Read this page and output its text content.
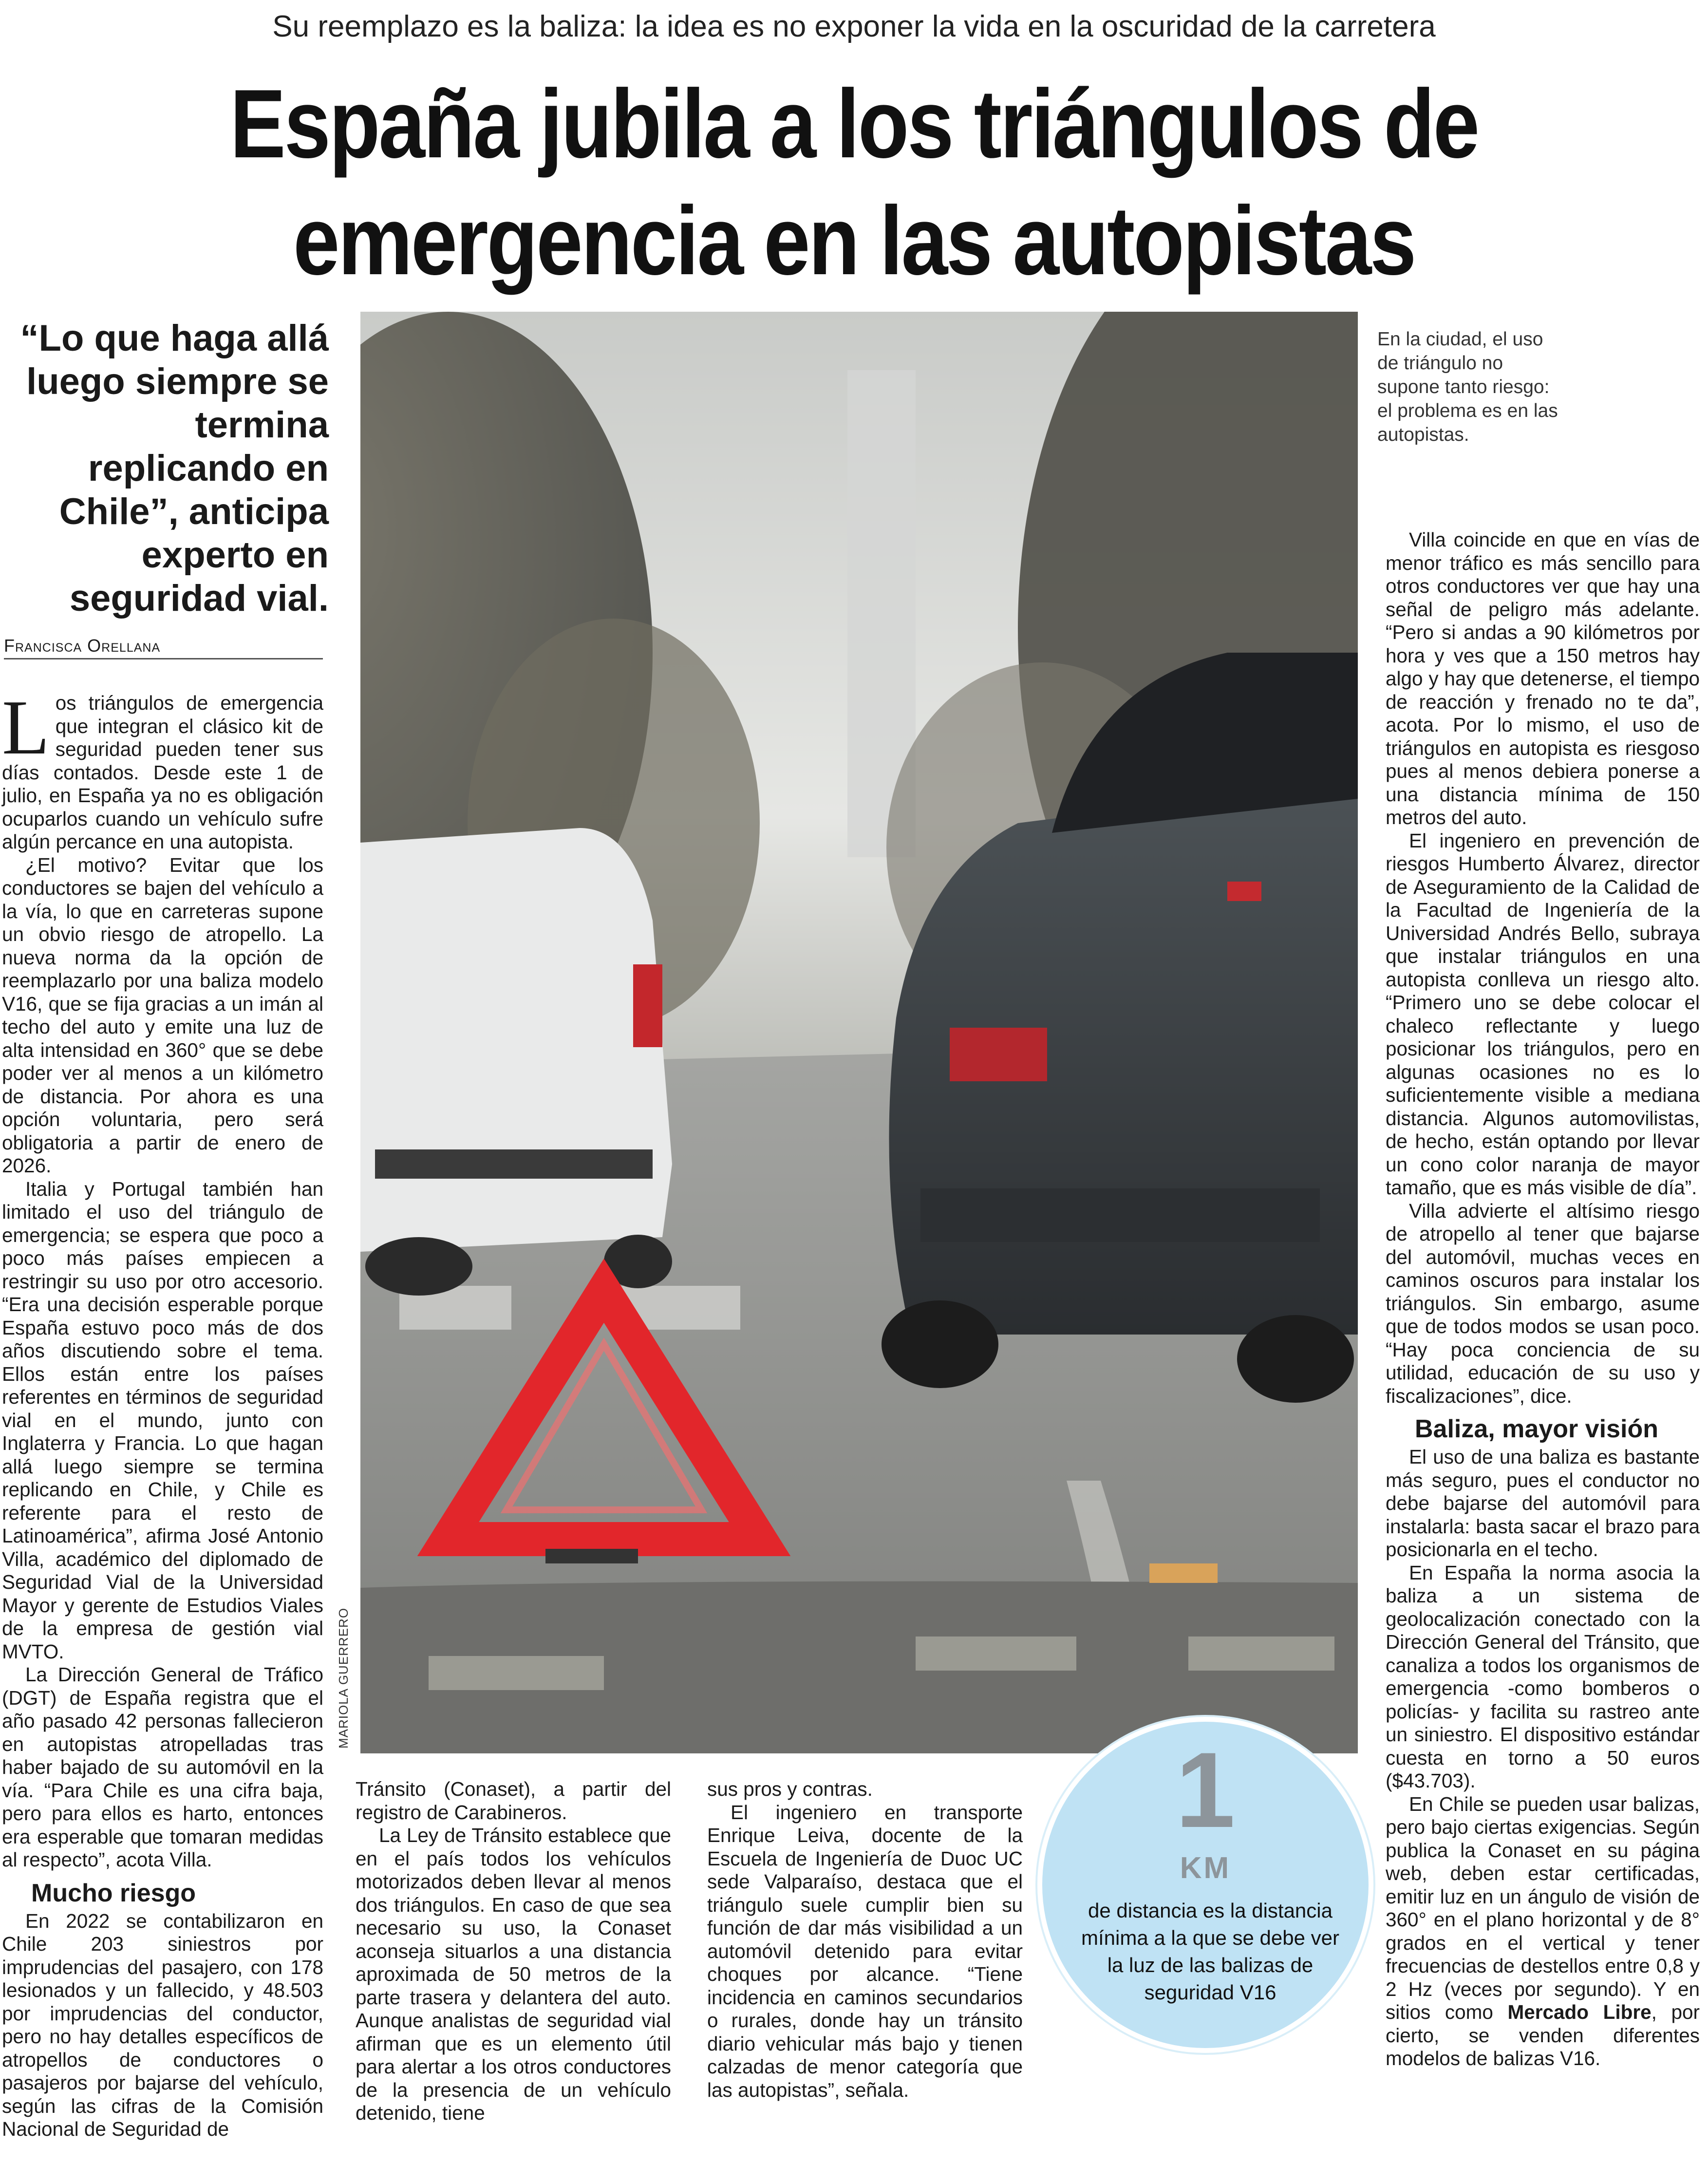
Su reemplazo es la baliza: la idea es no exponer la vida en la oscuridad de la carretera
España jubila a los triángulos de
emergencia en las autopistas
“Lo que haga allá luego siempre se termina replicando en Chile”, anticipa experto en seguridad vial.
Francisca Orellana

Los triángulos de emergencia que integran el clásico kit de seguridad pueden tener sus días contados. Desde este 1 de julio, en España ya no es obligación ocuparlos cuando un vehículo sufre algún percance en una autopista.

¿El motivo? Evitar que los conductores se bajen del vehículo a la vía, lo que en carreteras supone un obvio riesgo de atropello. La nueva norma da la opción de reemplazarlo por una baliza modelo V16, que se fija gracias a un imán al techo del auto y emite una luz de alta intensidad en 360° que se debe poder ver al menos a un kilómetro de distancia. Por ahora es una opción voluntaria, pero será obligatoria a partir de enero de 2026.

Italia y Portugal también han limitado el uso del triángulo de emergencia; se espera que poco a poco más países empiecen a restringir su uso por otro accesorio. “Era una decisión esperable porque España estuvo poco más de dos años discutiendo sobre el tema. Ellos están entre los países referentes en términos de seguridad vial en el mundo, junto con Inglaterra y Francia. Lo que hagan allá luego siempre se termina replicando en Chile, y Chile es referente para el resto de Latinoamérica”, afirma José Antonio Villa, académico del diplomado de Seguridad Vial de la Universidad Mayor y gerente de Estudios Viales de la empresa de gestión vial MVTO.

La Dirección General de Tráfico (DGT) de España registra que el año pasado 42 personas fallecieron en autopistas atropelladas tras haber bajado de su automóvil en la vía. “Para Chile es una cifra baja, pero para ellos es harto, entonces era esperable que tomaran medidas al respecto”, acota Villa.

Mucho riesgo

En 2022 se contabilizaron en Chile 203 siniestros por imprudencias del pasajero, con 178 lesionados y un fallecido, y 48.503 por imprudencias del conductor, pero no hay detalles específicos de atropellos de conductores o pasajeros por bajarse del vehículo, según las cifras de la Comisión Nacional de Seguridad de

MARIOLA GUERRERO
En la ciudad, el uso de triángulo no supone tanto riesgo: el problema es en las autopistas.

Villa coincide en que en vías de menor tráfico es más sencillo para otros conductores ver que hay una señal de peligro más adelante. “Pero si andas a 90 kilómetros por hora y ves que a 150 metros hay algo y hay que detenerse, el tiempo de reacción y frenado no te da”, acota. Por lo mismo, el uso de triángulos en autopista es riesgoso pues al menos debiera ponerse a una distancia mínima de 150 metros del auto.

El ingeniero en prevención de riesgos Humberto Álvarez, director de Aseguramiento de la Calidad de la Facultad de Ingeniería de la Universidad Andrés Bello, subraya que instalar triángulos en una autopista conlleva un riesgo alto. “Primero uno se debe colocar el chaleco reflectante y luego posicionar los triángulos, pero en algunas ocasiones no es lo suficientemente visible a mediana distancia. Algunos automovilistas, de hecho, están optando por llevar un cono color naranja de mayor tamaño, que es más visible de día”.

Villa advierte el altísimo riesgo de atropello al tener que bajarse del automóvil, muchas veces en caminos oscuros para instalar los triángulos. Sin embargo, asume que de todos modos se usan poco. “Hay poca conciencia de su utilidad, educación de su uso y fiscalizaciones”, dice.

Baliza, mayor visión

El uso de una baliza es bastante más seguro, pues el conductor no debe bajarse del automóvil para instalarla: basta sacar el brazo para posicionarla en el techo.

En España la norma asocia la baliza a un sistema de geolocalización conectado con la Dirección General del Tránsito, que canaliza a todos los organismos de emergencia -como bomberos o policías- y facilita su rastreo ante un siniestro. El dispositivo estándar cuesta en torno a 50 euros ($43.703).

En Chile se pueden usar balizas, pero bajo ciertas exigencias. Según publica la Conaset en su página web, deben estar certificadas, emitir luz en un ángulo de visión de 360° en el plano horizontal y de 8° grados en el vertical y tener frecuencias de destellos entre 0,8 y 2 Hz (veces por segundo). Y en sitios como Mercado Libre, por cierto, se venden diferentes modelos de balizas V16.

Tránsito (Conaset), a partir del registro de Carabineros.

La Ley de Tránsito establece que en el país todos los vehículos motorizados deben llevar al menos dos triángulos. En caso de que sea necesario su uso, la Conaset aconseja situarlos a una distancia aproximada de 50 metros de la parte trasera y delantera del auto. Aunque analistas de seguridad vial afirman que es un elemento útil para alertar a los otros conductores de la presencia de un vehículo detenido, tiene

sus pros y contras.

El ingeniero en transporte Enrique Leiva, docente de la Escuela de Ingeniería de Duoc UC sede Valparaíso, destaca que el triángulo suele cumplir bien su función de dar más visibilidad a un automóvil detenido para evitar choques por alcance. “Tiene incidencia en caminos secundarios o rurales, donde hay un tránsito diario vehicular más bajo y tienen calzadas de menor categoría que las autopistas”, señala.

1
KM
de distancia es la distancia mínima a la que se debe ver la luz de las balizas de seguridad V16
